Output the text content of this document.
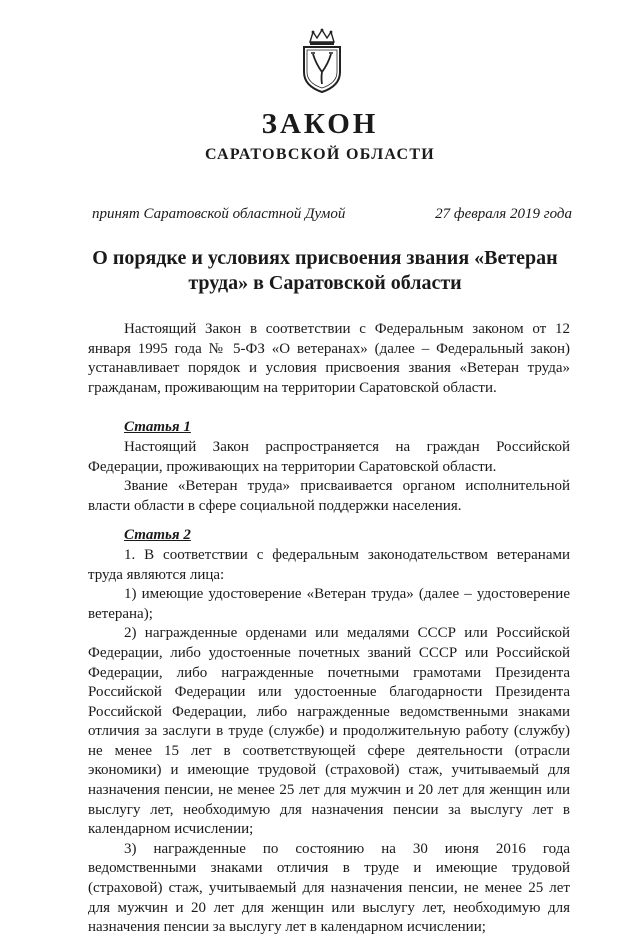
ЗАКОН
САРАТОВСКОЙ ОБЛАСТИ
принят Саратовской областной Думой	27 февраля 2019 года
О порядке и условиях присвоения звания «Ветеран труда» в Саратовской области

Настоящий Закон в соответствии с Федеральным законом от 12 января 1995 года № 5-ФЗ «О ветеранах» (далее – Федеральный закон) устанавливает порядок и условия присвоения звания «Ветеран труда» гражданам, проживающим на территории Саратовской области.

Статья 1

Настоящий Закон распространяется на граждан Российской Федерации, проживающих на территории Саратовской области.

Звание «Ветеран труда» присваивается органом исполнительной власти области в сфере социальной поддержки населения.

Статья 2

1. В соответствии с федеральным законодательством ветеранами труда являются лица:

1) имеющие удостоверение «Ветеран труда» (далее – удостоверение ветерана);

2) награжденные орденами или медалями СССР или Российской Федерации, либо удостоенные почетных званий СССР или Российской Федерации, либо награжденные почетными грамотами Президента Российской Федерации или удостоенные благодарности Президента Российской Федерации, либо награжденные ведомственными знаками отличия за заслуги в труде (службе) и продолжительную работу (службу) не менее 15 лет в соответствующей сфере деятельности (отрасли экономики) и имеющие трудовой (страховой) стаж, учитываемый для назначения пенсии, не менее 25 лет для мужчин и 20 лет для женщин или выслугу лет, необходимую для назначения пенсии за выслугу лет в календарном исчислении;

3) награжденные по состоянию на 30 июня 2016 года ведомственными знаками отличия в труде и имеющие трудовой (страховой) стаж, учитываемый для назначения пенсии, не менее 25 лет для мужчин и 20 лет для женщин или выслугу лет, необходимую для назначения пенсии за выслугу лет в календарном исчислении;
